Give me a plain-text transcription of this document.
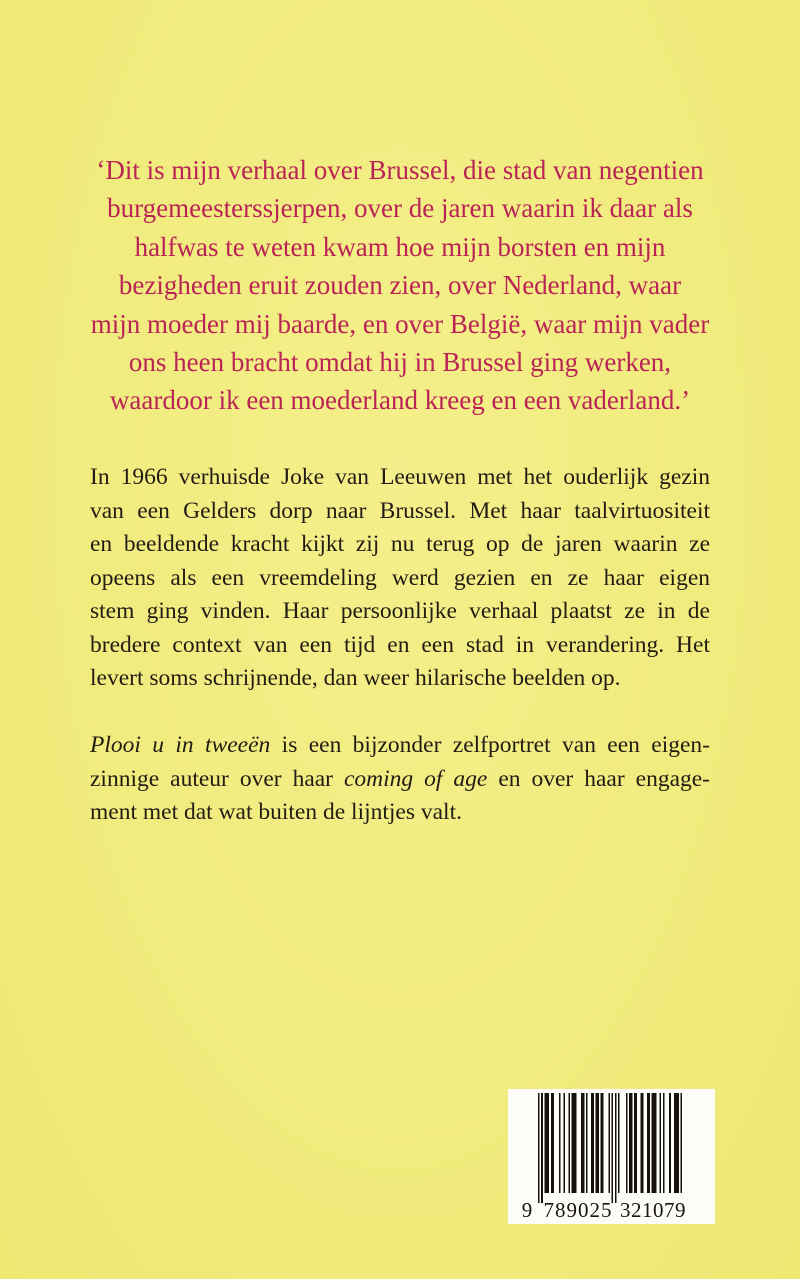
‘Dit is mijn verhaal over Brussel, die stad van negentien
burgemeesterssjerpen, over de jaren waarin ik daar als
halfwas te weten kwam hoe mijn borsten en mijn
bezigheden eruit zouden zien, over Nederland, waar
mijn moeder mij baarde, en over België, waar mijn vader
ons heen bracht omdat hij in Brussel ging werken,
waardoor ik een moederland kreeg en een vaderland.’
In 1966 verhuisde Joke van Leeuwen met het ouderlijk gezin
van een Gelders dorp naar Brussel. Met haar taalvirtuositeit
en beeldende kracht kijkt zij nu terug op de jaren waarin ze
opeens als een vreemdeling werd gezien en ze haar eigen
stem ging vinden. Haar persoonlijke verhaal plaatst ze in de
bredere context van een tijd en een stad in verandering. Het
levert soms schrijnende, dan weer hilarische beelden op.
Plooi u in tweeën is een bijzonder zelfportret van een eigen-
zinnige auteur over haar coming of age en over haar engage-
ment met dat wat buiten de lijntjes valt.
9 789025 321079
